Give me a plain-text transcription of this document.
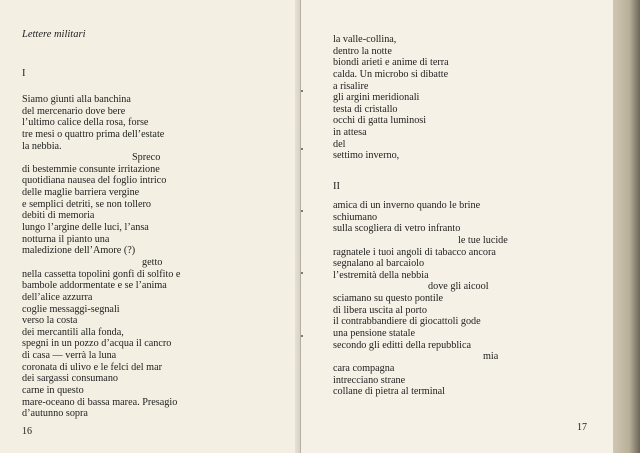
Lettere militari
I
Siamo giunti alla banchina
del mercenario dove bere
l’ultimo calice della rosa, forse
tre mesi o quattro prima dell’estate
la nebbia.
Spreco
di bestemmie consunte irritazione
quotidiana nausea del foglio intrico
delle maglie barriera vergine
e semplici detriti, se non tollero
debiti di memoria
lungo l’argine delle luci, l’ansa
notturna il pianto una
maledizione dell’Amore (?)
getto
nella cassetta topolini gonfi di solfito e
bambole addormentate e se l’anima
dell’alice azzurra
coglie messaggi-segnali
verso la costa
dei mercantili alla fonda,
spegni in un pozzo d’acqua il cancro
di casa — verrà la luna
coronata di ulivo e le felci del mar
dei sargassi consumano
carne in questo
mare-oceano di bassa marea. Presagio
d’autunno sopra
16
la valle-collina,
dentro la notte
biondi arieti e anime di terra
calda. Un microbo si dibatte
a risalire
gli argini meridionali
testa di cristallo
occhi di gatta luminosi
in attesa
del
settimo inverno,
II
amica di un inverno quando le brine
schiumano
sulla scogliera di vetro infranto
le tue lucide
ragnatele i tuoi angoli di tabacco ancora
segnalano al barcaiolo
l’estremità della nebbia
dove gli aicool
sciamano su questo pontile
di libera uscita al porto
il contrabbandiere di giocattoli gode
una pensione statale
secondo gli editti della repubblica
mia
cara compagna
intrecciano strane
collane di pietra al terminal
17
